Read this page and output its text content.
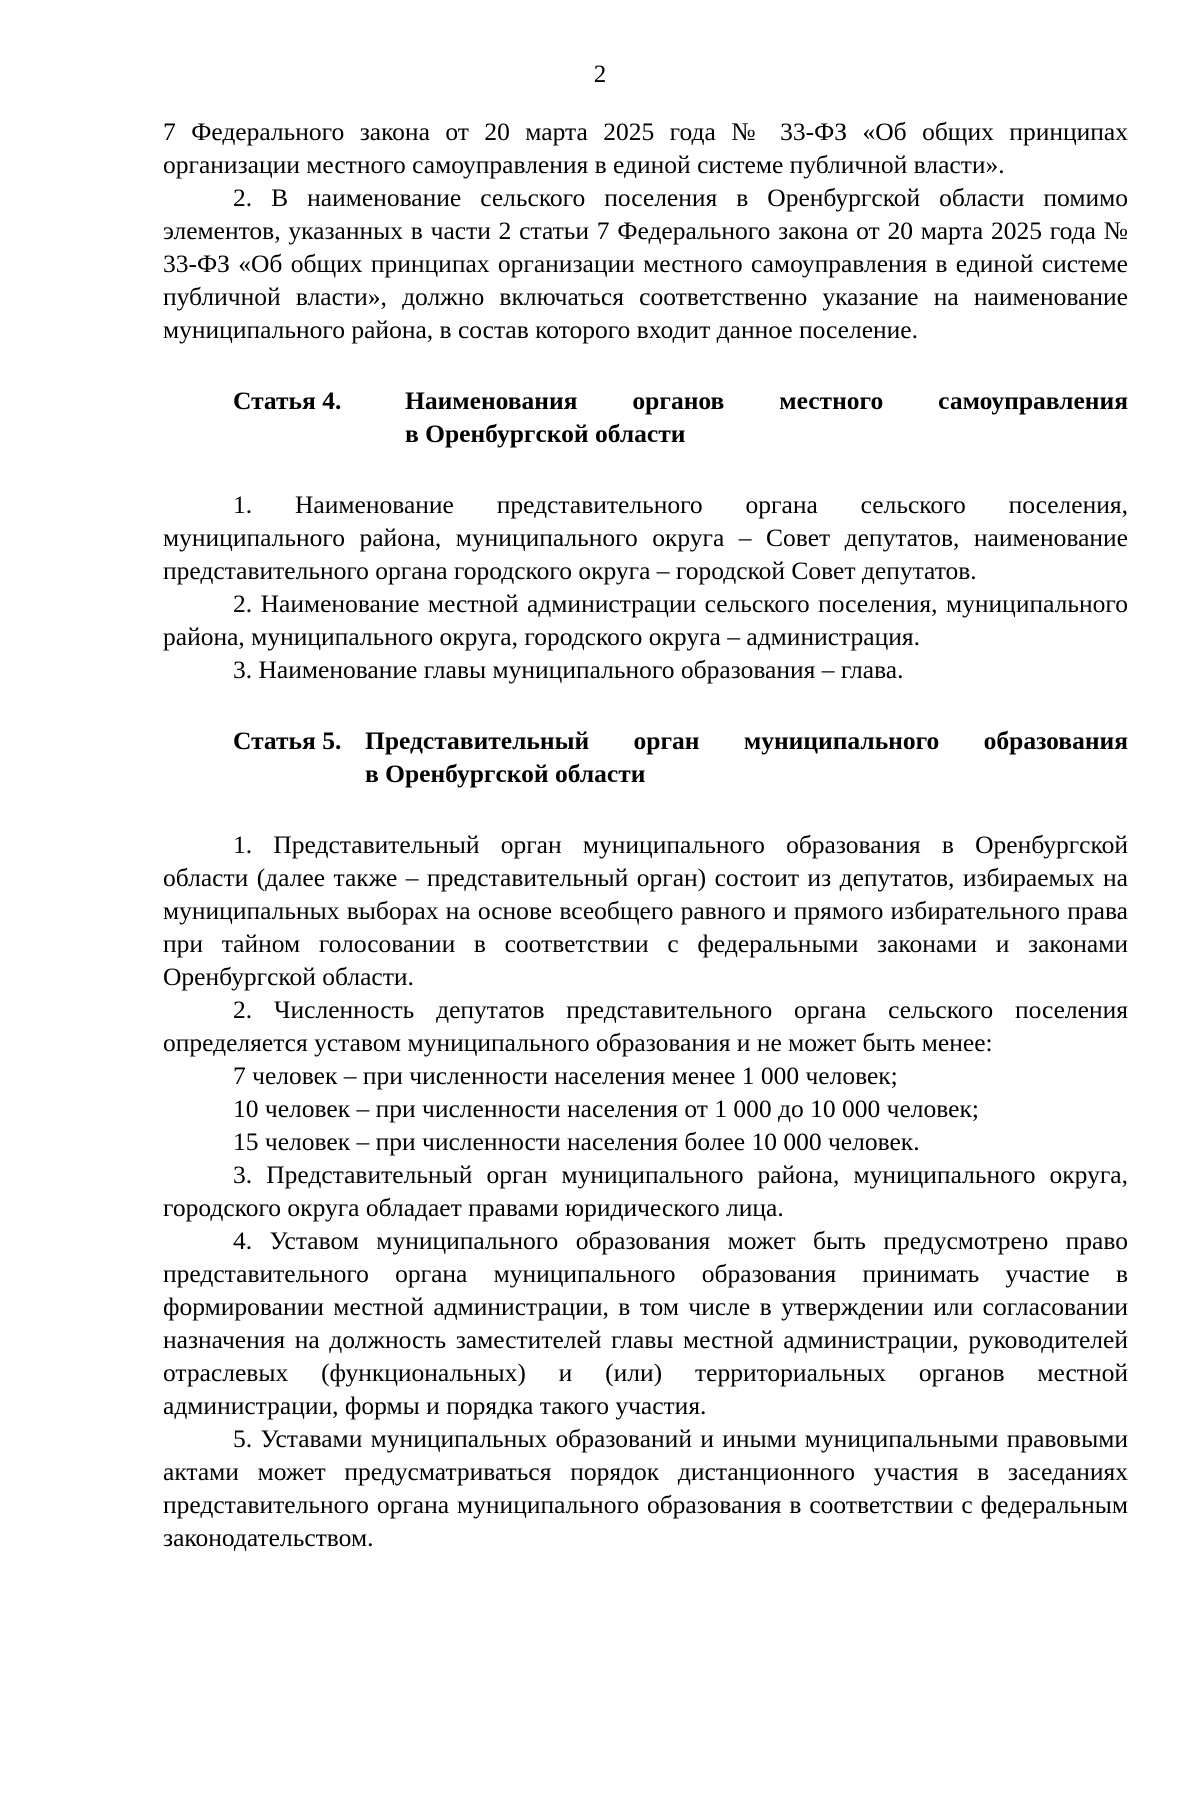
2

7 Федерального закона от 20 марта 2025 года № 33-ФЗ «Об общих принципах организации местного самоуправления в единой системе публичной власти».

2. В наименование сельского поселения в Оренбургской области помимо элементов, указанных в части 2 статьи 7 Федерального закона от 20 марта 2025 года № 33-ФЗ «Об общих принципах организации местного самоуправления в единой системе публичной власти», должно включаться соответственно указание на наименование муниципального района, в состав которого входит данное поселение.

Статья 4.	Наименования органов местного самоуправления
в Оренбургской области

1. Наименование представительного органа сельского поселения, муниципального района, муниципального округа – Совет депутатов, наименование представительного органа городского округа – городской Совет депутатов.

2. Наименование местной администрации сельского поселения, муниципального района, муниципального округа, городского округа – администрация.

3. Наименование главы муниципального образования – глава.

Статья 5. Представительный орган муниципального образования
в Оренбургской области

1. Представительный орган муниципального образования в Оренбургской области (далее также – представительный орган) состоит из депутатов, избираемых на муниципальных выборах на основе всеобщего равного и прямого избирательного права при тайном голосовании в соответствии с федеральными законами и законами Оренбургской области.

2. Численность депутатов представительного органа сельского поселения определяется уставом муниципального образования и не может быть менее:

7 человек – при численности населения менее 1 000 человек;

10 человек – при численности населения от 1 000 до 10 000 человек;

15 человек – при численности населения более 10 000 человек.

3. Представительный орган муниципального района, муниципального округа, городского округа обладает правами юридического лица.

4. Уставом муниципального образования может быть предусмотрено право представительного органа муниципального образования принимать участие в формировании местной администрации, в том числе в утверждении или согласовании назначения на должность заместителей главы местной администрации, руководителей отраслевых (функциональных) и (или) территориальных органов местной администрации, формы и порядка такого участия.

5. Уставами муниципальных образований и иными муниципальными правовыми актами может предусматриваться порядок дистанционного участия в заседаниях представительного органа муниципального образования в соответствии с федеральным законодательством.
